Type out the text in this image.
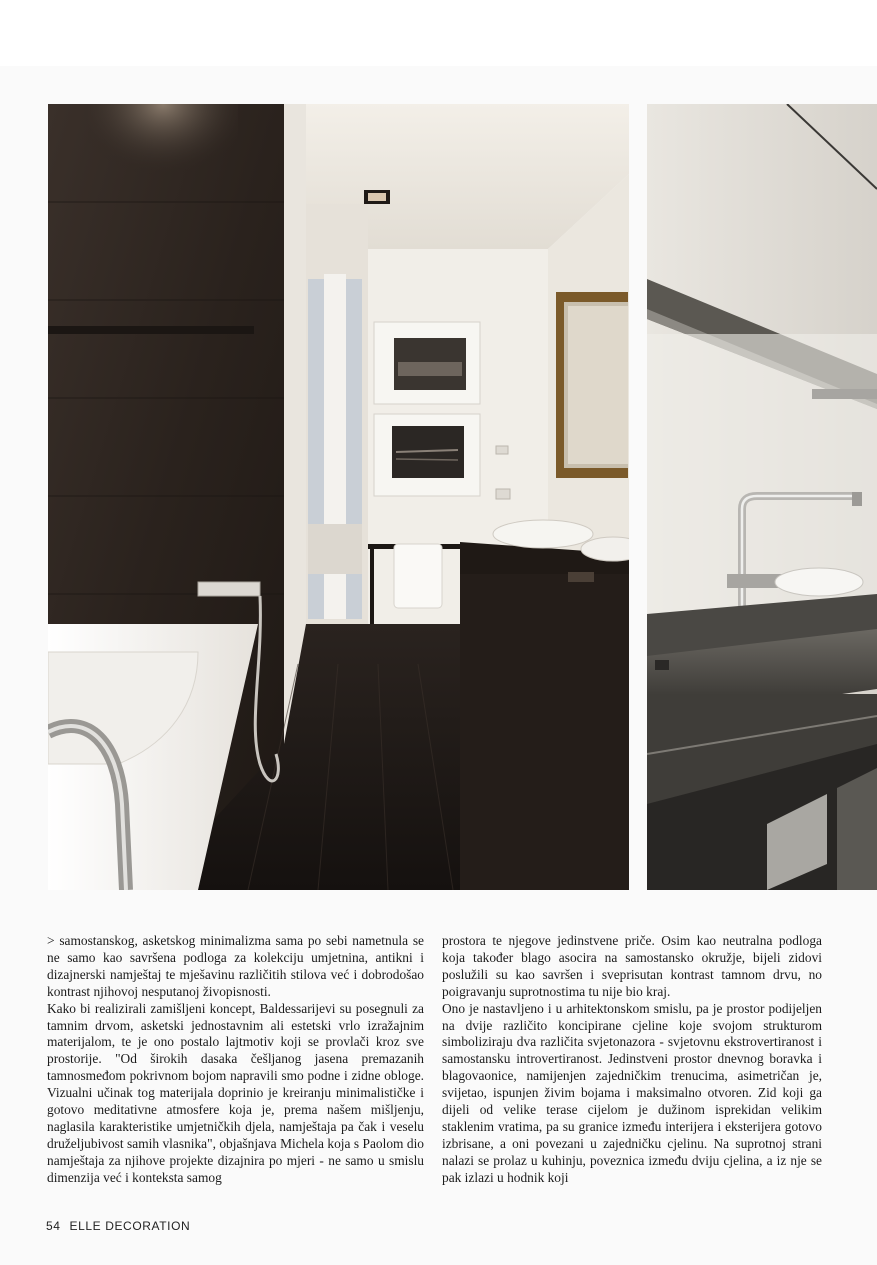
> samostanskog, asketskog minimalizma sama po sebi nametnula se ne samo kao savršena podloga za kolekciju umjetnina, antikni i dizajnerski namještaj te mješavinu različitih stilova već i dobrodošao kontrast njihovoj nesputanoj živopisnosti.

Kako bi realizirali zamišljeni koncept, Baldessarijevi su posegnuli za tamnim drvom, asketski jednostavnim ali estetski vrlo izražajnim materijalom, te je ono postalo lajtmotiv koji se provlači kroz sve prostorije. "Od širokih dasaka češljanog jasena premazanih tamnosmeđom pokrivnom bojom napravili smo podne i zidne obloge. Vizualni učinak tog materijala doprinio je kreiranju minimalističke i gotovo meditativne atmosfere koja je, prema našem mišljenju, naglasila karakteristike umjetničkih djela, namještaja pa čak i veselu druželjubivost samih vlasnika", objašnjava Michela koja s Paolom dio namještaja za njihove projekte dizajnira po mjeri - ne samo u smislu dimenzija već i konteksta samog

prostora te njegove jedinstvene priče. Osim kao neutralna podloga koja također blago asocira na samostansko okružje, bijeli zidovi poslužili su kao savršen i sveprisutan kontrast tamnom drvu, no poigravanju suprotnostima tu nije bio kraj.

Ono je nastavljeno i u arhitektonskom smislu, pa je prostor podijeljen na dvije različito koncipirane cjeline koje svojom strukturom simboliziraju dva različita svjetonazora - svjetovnu ekstrovertiranost i samostansku introvertiranost. Jedinstveni prostor dnevnog boravka i blagovaonice, namijenjen zajedničkim trenucima, asimetričan je, svijetao, ispunjen živim bojama i maksimalno otvoren. Zid koji ga dijeli od velike terase cijelom je dužinom isprekidan velikim staklenim vratima, pa su granice između interijera i eksterijera gotovo izbrisane, a oni povezani u zajedničku cjelinu. Na suprotnoj strani nalazi se prolaz u kuhinju, poveznica između dviju cjelina, a iz nje se pak izlazi u hodnik koji

54 ELLE DECORATION
